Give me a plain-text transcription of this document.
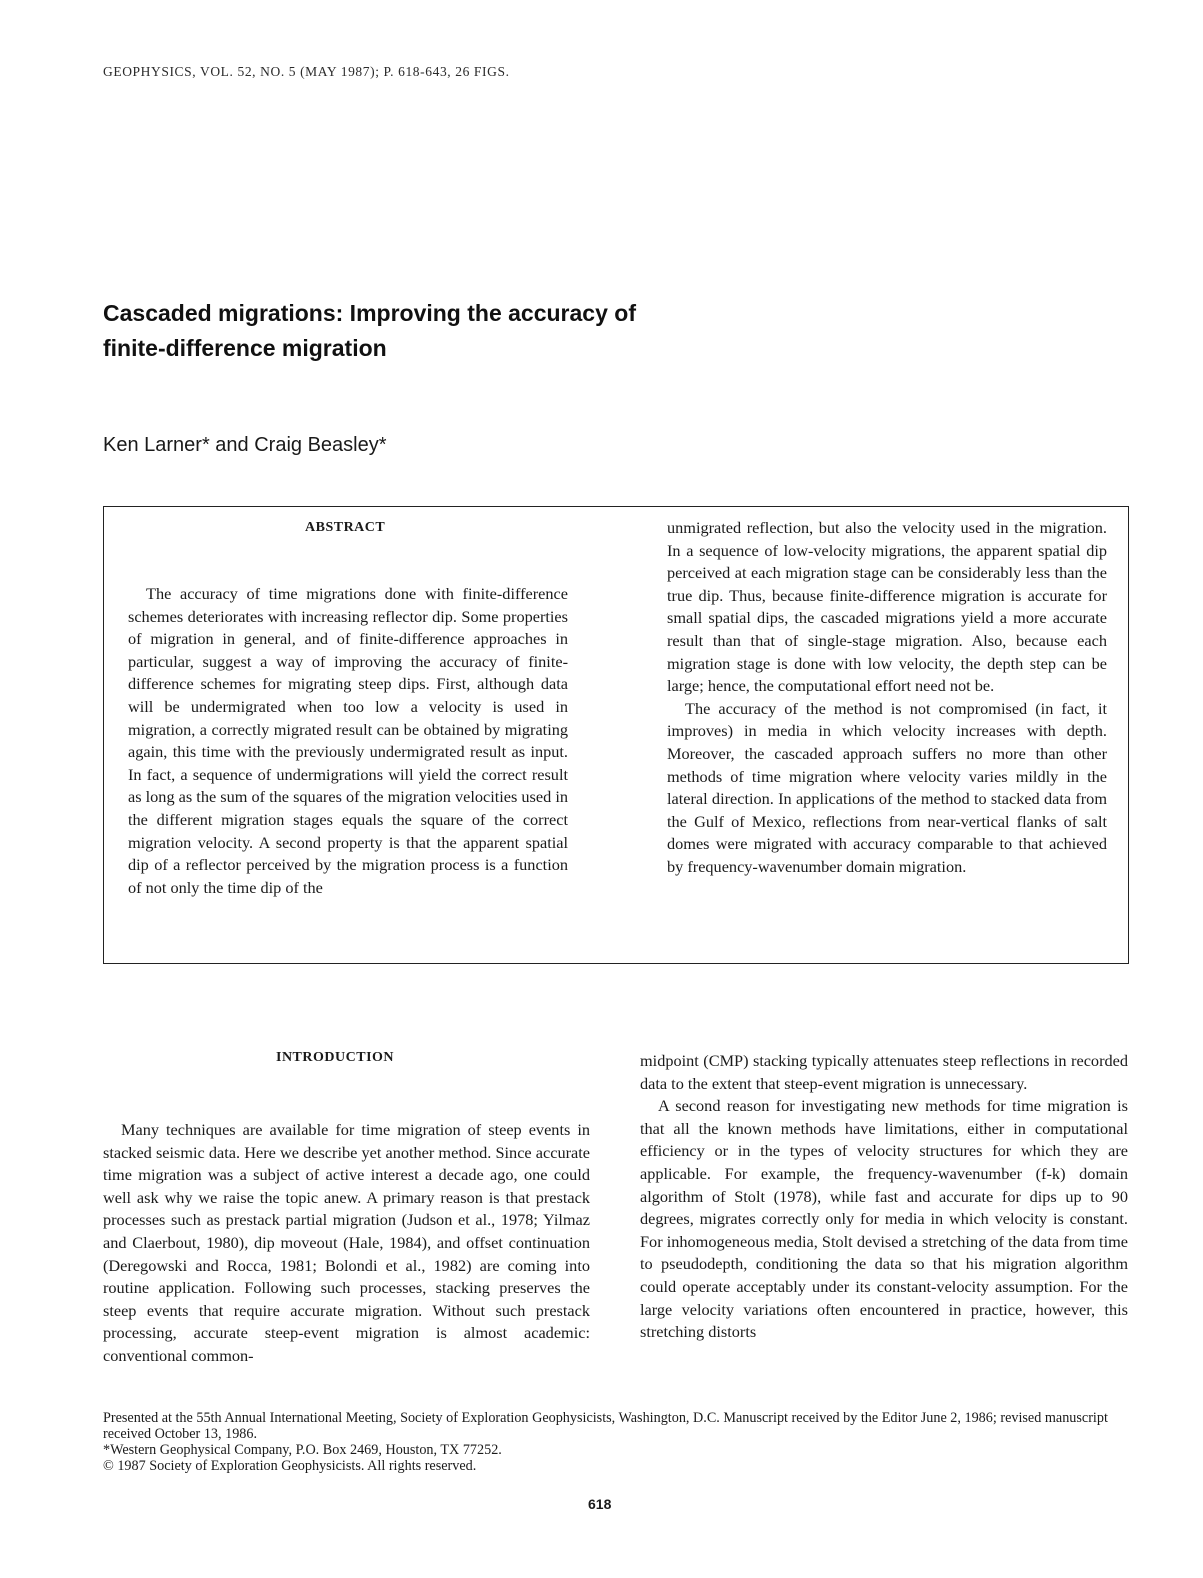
GEOPHYSICS, VOL. 52, NO. 5 (MAY 1987); P. 618-643, 26 FIGS.
Cascaded migrations: Improving the accuracy of
finite-difference migration
Ken Larner* and Craig Beasley*
ABSTRACT

The accuracy of time migrations done with finite-difference schemes deteriorates with increasing reflector dip. Some properties of migration in general, and of finite-difference approaches in particular, suggest a way of improving the accuracy of finite-difference schemes for migrating steep dips. First, although data will be undermigrated when too low a velocity is used in migration, a correctly migrated result can be obtained by migrating again, this time with the previously undermigrated result as input. In fact, a sequence of undermigrations will yield the correct result as long as the sum of the squares of the migration velocities used in the different migration stages equals the square of the correct migration velocity. A second property is that the apparent spatial dip of a reflector perceived by the migration process is a function of not only the time dip of the

unmigrated reflection, but also the velocity used in the migration. In a sequence of low-velocity migrations, the apparent spatial dip perceived at each migration stage can be considerably less than the true dip. Thus, because finite-difference migration is accurate for small spatial dips, the cascaded migrations yield a more accurate result than that of single-stage migration. Also, because each migration stage is done with low velocity, the depth step can be large; hence, the computational effort need not be.

The accuracy of the method is not compromised (in fact, it improves) in media in which velocity increases with depth. Moreover, the cascaded approach suffers no more than other methods of time migration where velocity varies mildly in the lateral direction. In applications of the method to stacked data from the Gulf of Mexico, reflections from near-vertical flanks of salt domes were migrated with accuracy comparable to that achieved by frequency-wavenumber domain migration.

INTRODUCTION

Many techniques are available for time migration of steep events in stacked seismic data. Here we describe yet another method. Since accurate time migration was a subject of active interest a decade ago, one could well ask why we raise the topic anew. A primary reason is that prestack processes such as prestack partial migration (Judson et al., 1978; Yilmaz and Claerbout, 1980), dip moveout (Hale, 1984), and offset continuation (Deregowski and Rocca, 1981; Bolondi et al., 1982) are coming into routine application. Following such processes, stacking preserves the steep events that require accurate migration. Without such prestack processing, accurate steep-event migration is almost academic: conventional common-

midpoint (CMP) stacking typically attenuates steep reflections in recorded data to the extent that steep-event migration is unnecessary.

A second reason for investigating new methods for time migration is that all the known methods have limitations, either in computational efficiency or in the types of velocity structures for which they are applicable. For example, the frequency-wavenumber (f-k) domain algorithm of Stolt (1978), while fast and accurate for dips up to 90 degrees, migrates correctly only for media in which velocity is constant. For inhomogeneous media, Stolt devised a stretching of the data from time to pseudodepth, conditioning the data so that his migration algorithm could operate acceptably under its constant-velocity assumption. For the large velocity variations often encountered in practice, however, this stretching distorts

Presented at the 55th Annual International Meeting, Society of Exploration Geophysicists, Washington, D.C. Manuscript received by the Editor June 2, 1986; revised manuscript received October 13, 1986.
*Western Geophysical Company, P.O. Box 2469, Houston, TX 77252.
© 1987 Society of Exploration Geophysicists. All rights reserved.
618
